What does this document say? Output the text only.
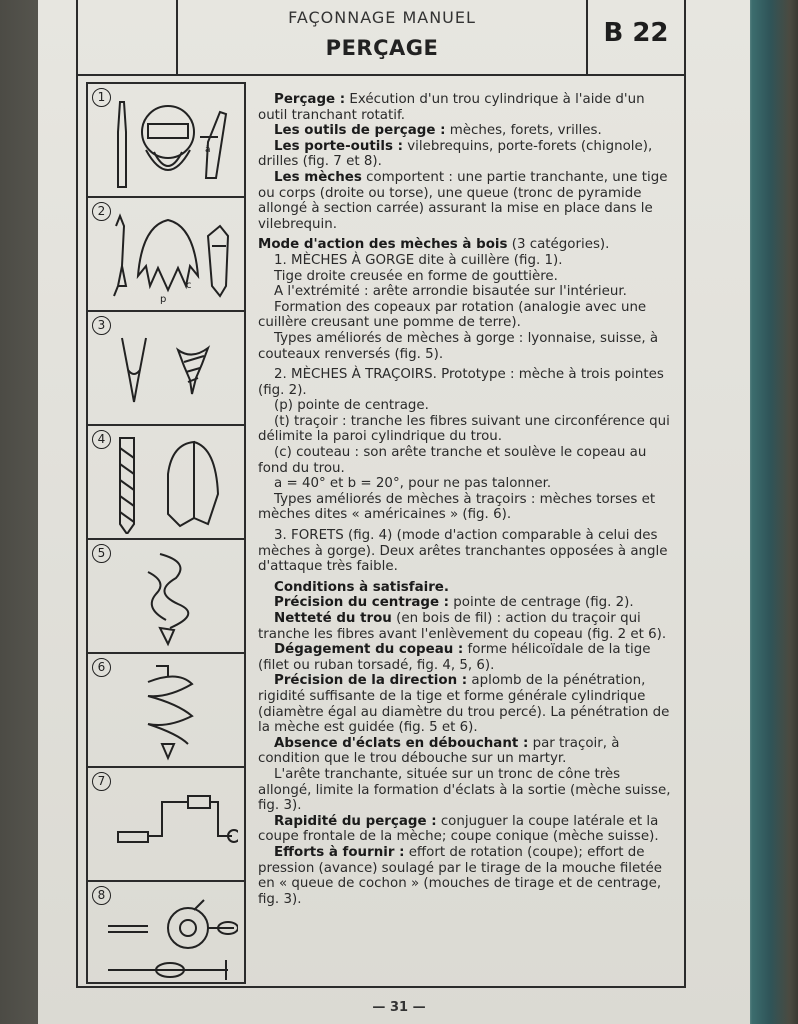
FAÇONNAGE MANUEL
PERÇAGE	B 22
1
â
2
p
c
3
4
5
6
7
8

Perçage : Exécution d'un trou cylindrique à l'aide d'un outil tranchant rotatif.

Les outils de perçage : mèches, forets, vrilles.

Les porte-outils : vilebrequins, porte-forets (chignole), drilles (fig. 7 et 8).

Les mèches comportent : une partie tranchante, une tige ou corps (droite ou torse), une queue (tronc de pyramide allongé à section carrée) assurant la mise en place dans le vilebrequin.

Mode d'action des mèches à bois (3 catégories).

1. MÈCHES À GORGE dite à cuillère (fig. 1).

Tige droite creusée en forme de gouttière.

A l'extrémité : arête arrondie bisautée sur l'intérieur.

Formation des copeaux par rotation (analogie avec une cuillère creusant une pomme de terre).

Types améliorés de mèches à gorge : lyonnaise, suisse, à couteaux renversés (fig. 5).

2. MÈCHES À TRAÇOIRS. Prototype : mèche à trois pointes (fig. 2).

(p) pointe de centrage.

(t) traçoir : tranche les fibres suivant une circonférence qui délimite la paroi cylindrique du trou.

(c) couteau : son arête tranche et soulève le copeau au fond du trou.

a = 40° et b = 20°, pour ne pas talonner.

Types améliorés de mèches à traçoirs : mèches torses et mèches dites « américaines » (fig. 6).

3. FORETS (fig. 4) (mode d'action comparable à celui des mèches à gorge). Deux arêtes tranchantes opposées à angle d'attaque très faible.

Conditions à satisfaire.

Précision du centrage : pointe de centrage (fig. 2).

Netteté du trou (en bois de fil) : action du traçoir qui tranche les fibres avant l'enlèvement du copeau (fig. 2 et 6).

Dégagement du copeau : forme hélicoïdale de la tige (filet ou ruban torsadé, fig. 4, 5, 6).

Précision de la direction : aplomb de la pénétration, rigidité suffisante de la tige et forme générale cylindrique (diamètre égal au diamètre du trou percé). La pénétration de la mèche est guidée (fig. 5 et 6).

Absence d'éclats en débouchant : par traçoir, à condition que le trou débouche sur un martyr.

L'arête tranchante, située sur un tronc de cône très allongé, limite la formation d'éclats à la sortie (mèche suisse, fig. 3).

Rapidité du perçage : conjuguer la coupe latérale et la coupe frontale de la mèche; coupe conique (mèche suisse).

Efforts à fournir : effort de rotation (coupe); effort de pression (avance) soulagé par le tirage de la mouche filetée en « queue de cochon » (mouches de tirage et de centrage, fig. 3).

— 31 —
